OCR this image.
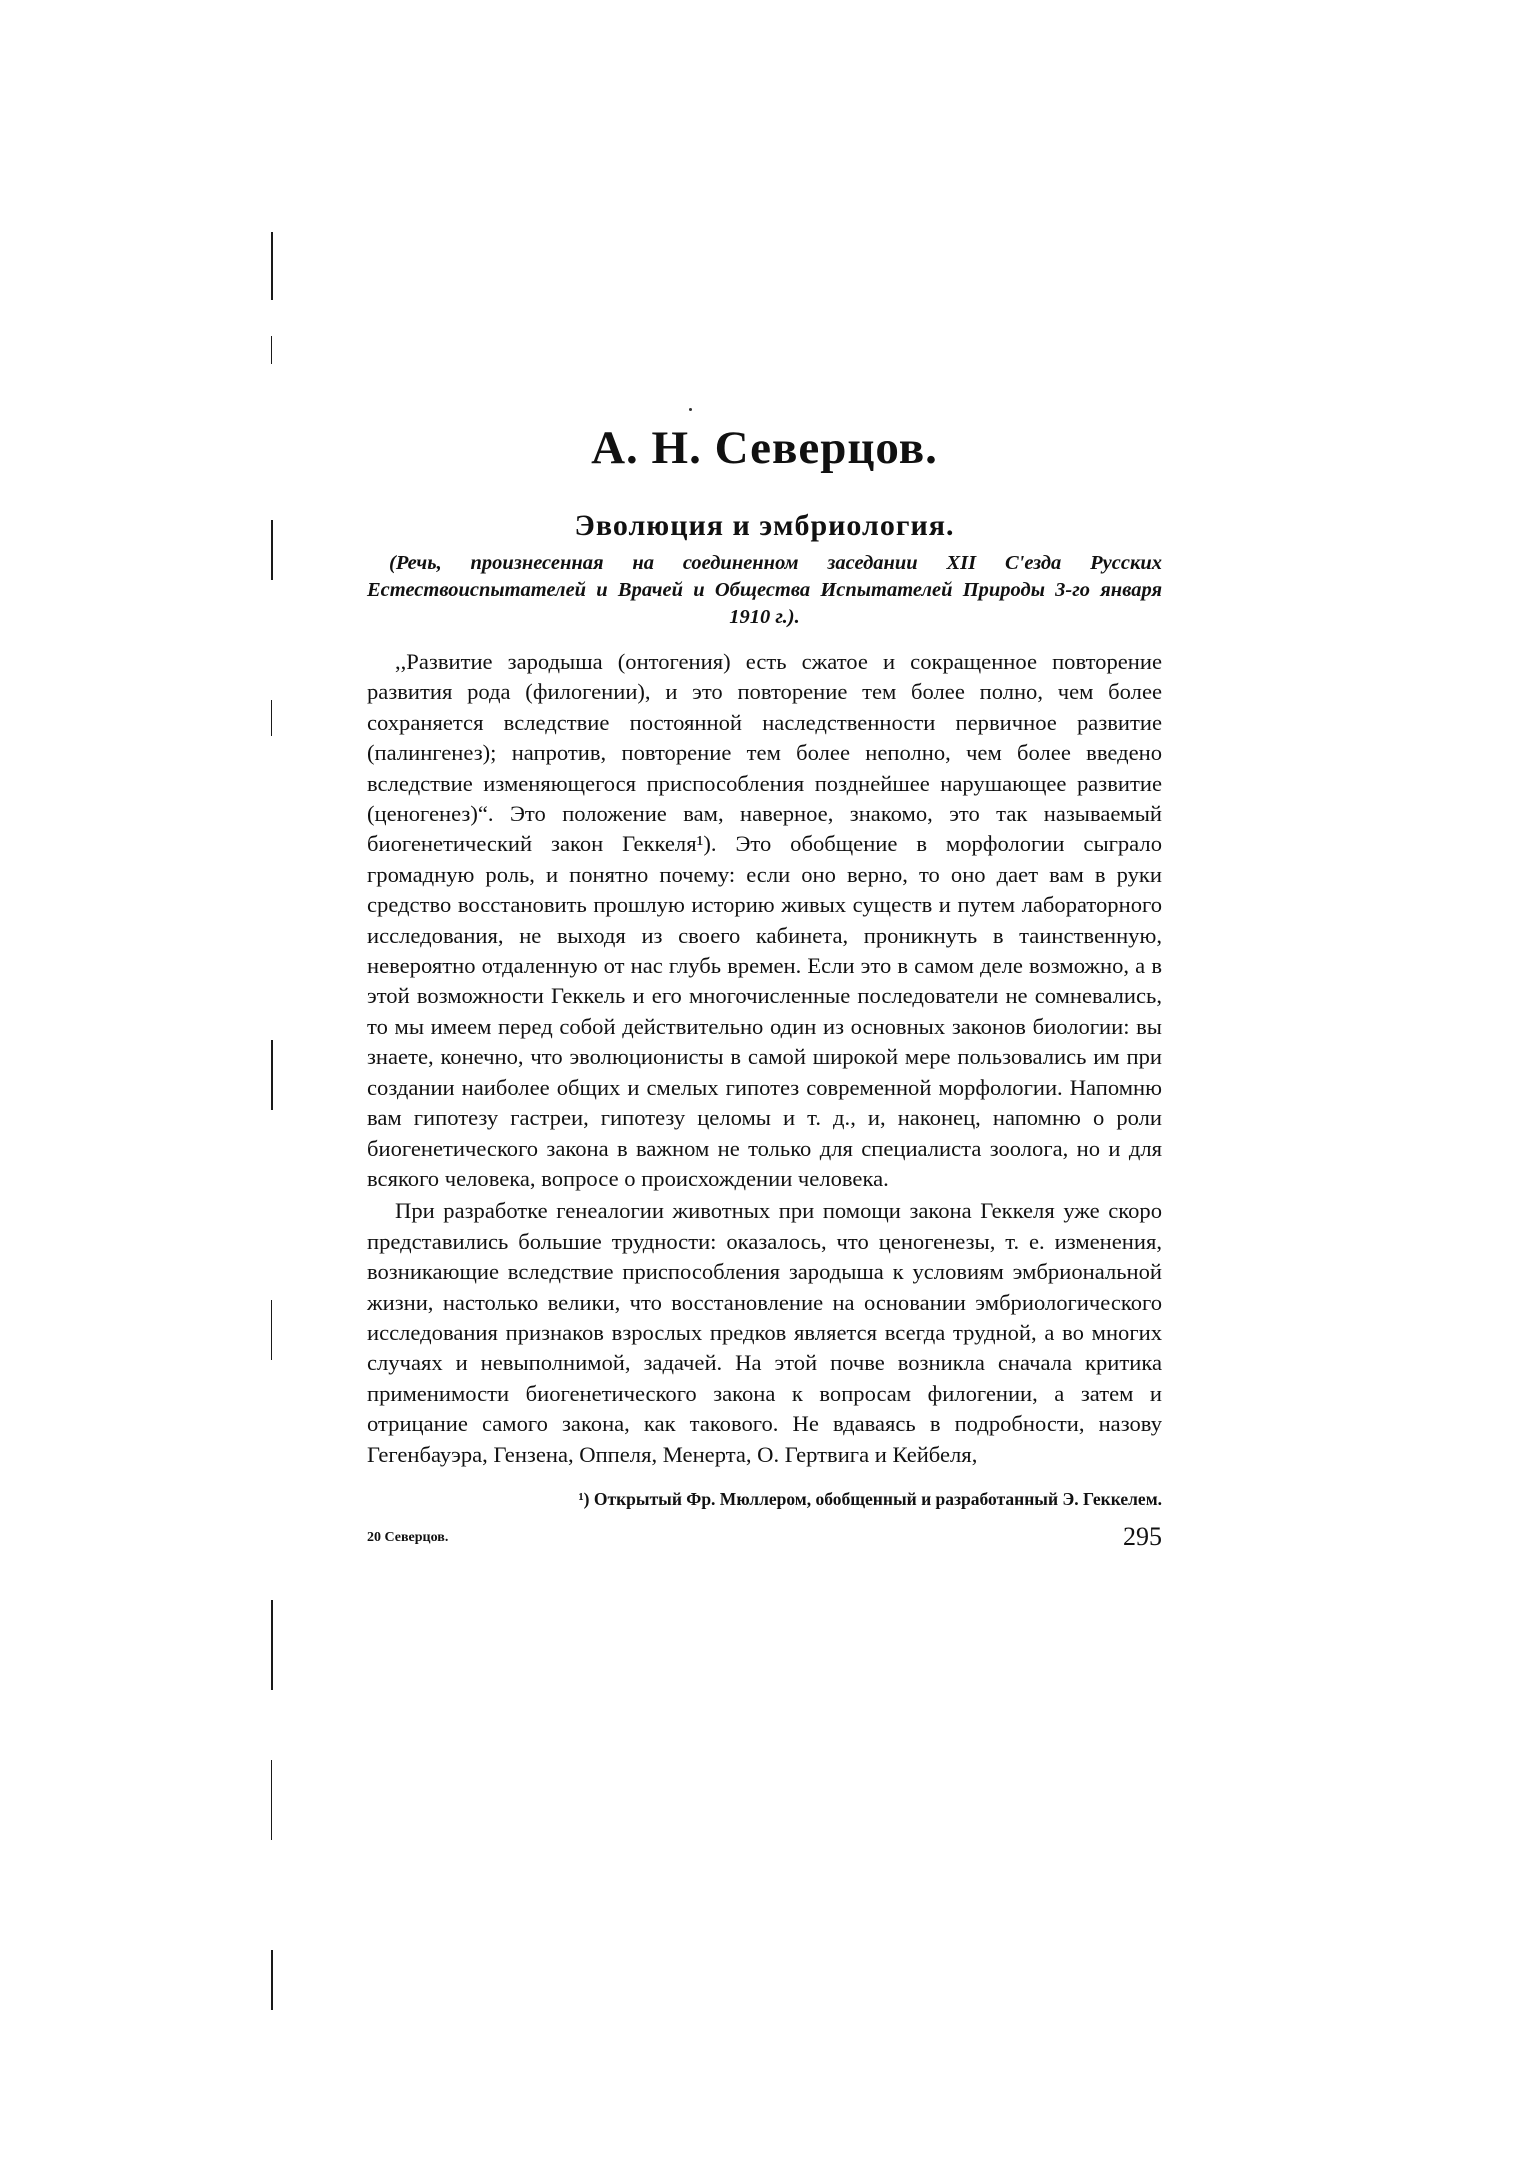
А. Н. Северцов.
Эволюция и эмбриология.

(Речь, произнесенная на соединенном заседании XII С'езда Русских Естествоиспытателей и Врачей и Общества Испытателей Природы 3-го января 1910 г.).

,,Развитие зародыша (онтогения) есть сжатое и сокращенное повторение развития рода (филогении), и это повторение тем более полно, чем более сохраняется вследствие постоянной наследственности первичное развитие (палингенез); напротив, повторение тем более неполно, чем более введено вследствие изменяющегося приспособления позднейшее нарушающее развитие (ценогенез)“. Это положение вам, наверное, знакомо, это так называемый биогенетический закон Геккеля¹). Это обобщение в морфологии сыграло громадную роль, и понятно почему: если оно верно, то оно дает вам в руки средство восстановить прошлую историю живых существ и путем лабораторного исследования, не выходя из своего кабинета, проникнуть в таинственную, невероятно отдаленную от нас глубь времен. Если это в самом деле возможно, а в этой возможности Геккель и его многочисленные последователи не сомневались, то мы имеем перед собой действительно один из основных законов биологии: вы знаете, конечно, что эволюционисты в самой широкой мере пользовались им при создании наиболее общих и смелых гипотез современной морфологии. Напомню вам гипотезу гастреи, гипотезу целомы и т. д., и, наконец, напомню о роли биогенетического закона в важном не только для специалиста зоолога, но и для всякого человека, вопросе о происхождении человека.

При разработке генеалогии животных при помощи закона Геккеля уже скоро представились большие трудности: оказалось, что ценогенезы, т. е. изменения, возникающие вследствие приспособления зародыша к условиям эмбриональной жизни, настолько велики, что восстановление на основании эмбриологического исследования признаков взрослых предков является всегда трудной, а во многих случаях и невыполнимой, задачей. На этой почве возникла сначала критика применимости биогенетического закона к вопросам филогении, а затем и отрицание самого закона, как такового. Не вдаваясь в подробности, назову Гегенбауэра, Гензена, Оппеля, Менерта, О. Гертвига и Кейбеля,

¹) Открытый Фр. Мюллером, обобщенный и разработанный Э. Геккелем.

20 Северцов.	295
